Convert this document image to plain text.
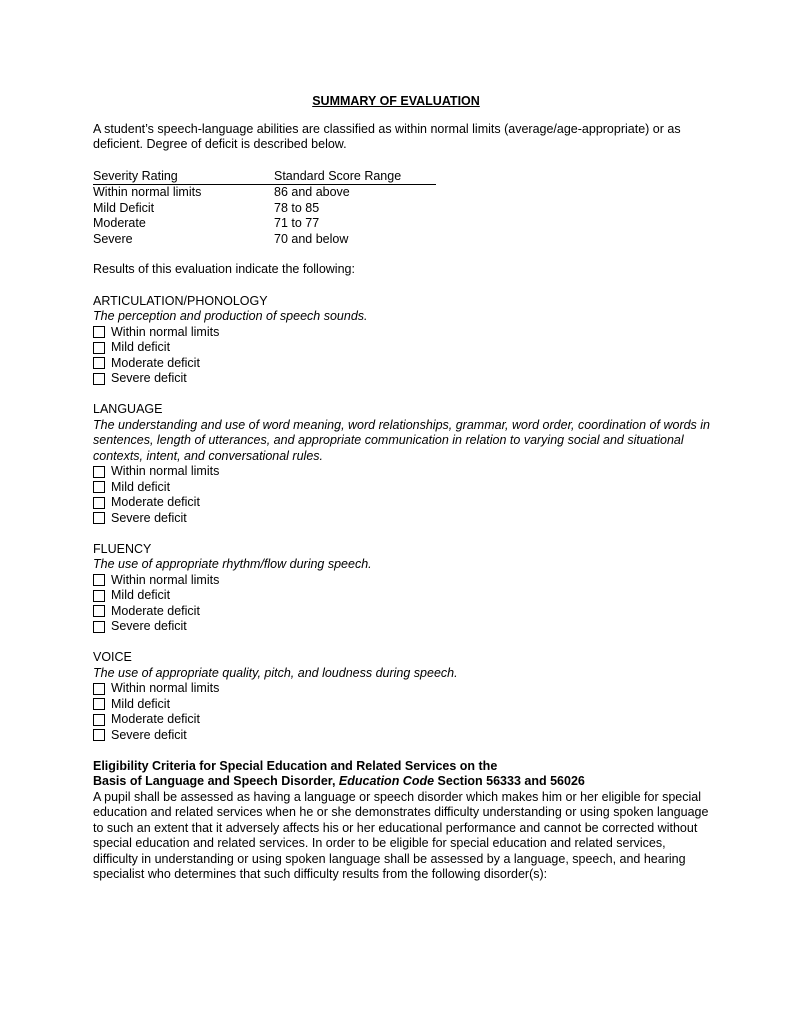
SUMMARY OF EVALUATION

A student’s speech-language abilities are classified as within normal limits (average/age-appropriate) or as deficient. Degree of deficit is described below.

Severity Rating	Standard Score Range
Within normal limits	86 and above
Mild Deficit	78 to 85
Moderate	71 to 77
Severe	70 and below

Results of this evaluation indicate the following:

ARTICULATION/PHONOLOGY
The perception and production of speech sounds.
Within normal limits
Mild deficit
Moderate deficit
Severe deficit
LANGUAGE
The understanding and use of word meaning, word relationships, grammar, word order, coordination of words in sentences, length of utterances, and appropriate communication in relation to varying social and situational contexts, intent, and conversational rules.
Within normal limits
Mild deficit
Moderate deficit
Severe deficit
FLUENCY
The use of appropriate rhythm/flow during speech.
Within normal limits
Mild deficit
Moderate deficit
Severe deficit
VOICE
The use of appropriate quality, pitch, and loudness during speech.
Within normal limits
Mild deficit
Moderate deficit
Severe deficit
Eligibility Criteria for Special Education and Related Services on the
Basis of Language and Speech Disorder, Education Code Section 56333 and 56026

A pupil shall be assessed as having a language or speech disorder which makes him or her eligible for special education and related services when he or she demonstrates difficulty understanding or using spoken language to such an extent that it adversely affects his or her educational performance and cannot be corrected without special education and related services. In order to be eligible for special education and related services, difficulty in understanding or using spoken language shall be assessed by a language, speech, and hearing specialist who determines that such difficulty results from the following disorder(s):
